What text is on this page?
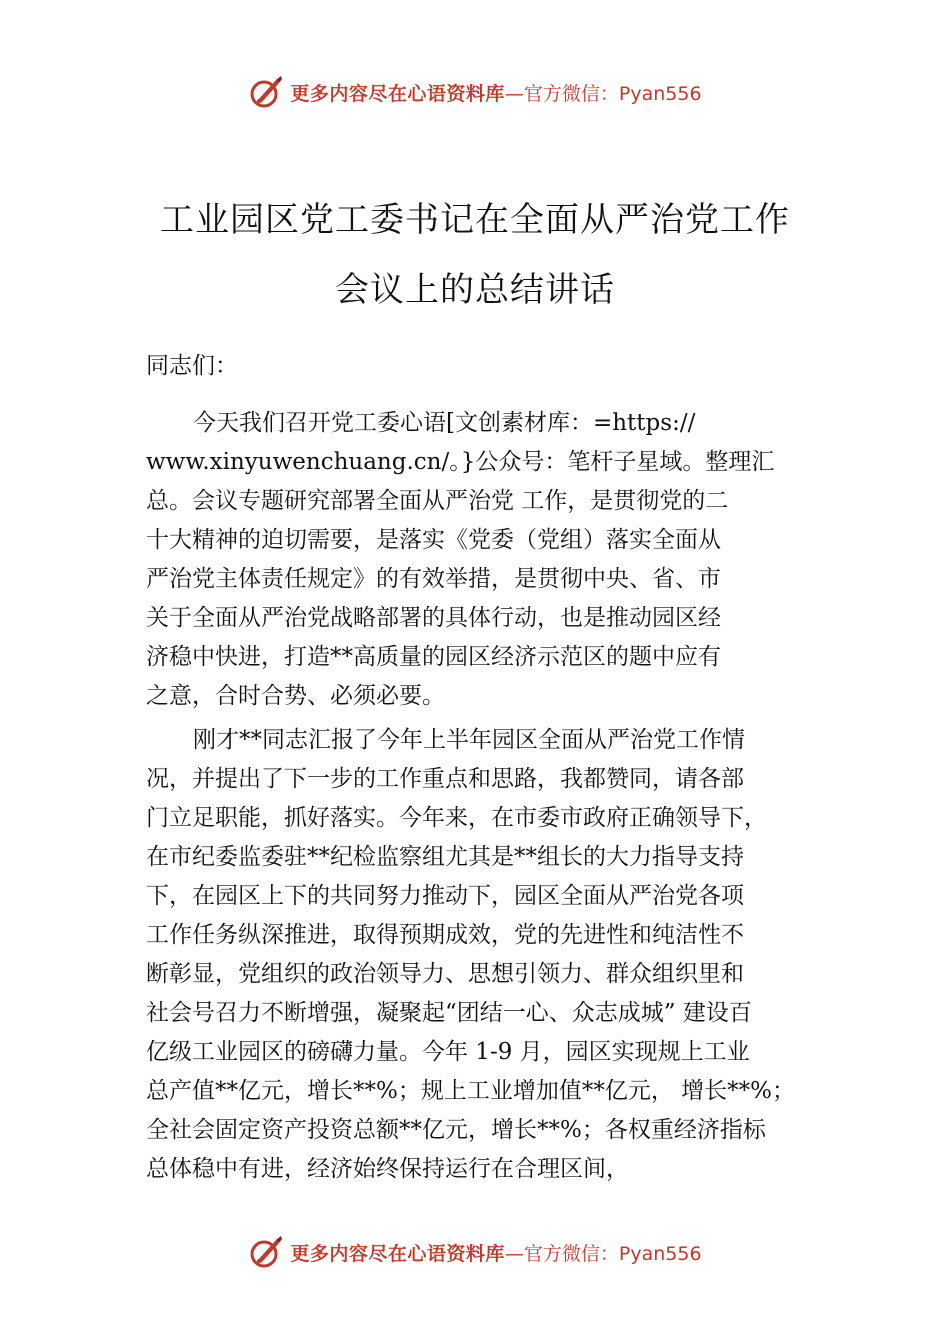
更多内容尽在心语资料库 —官方微信：Pyan556
工业园区党工委书记在全面从严治党工作
会议上的总结讲话
同志们：
今天我们召开党工委心语[文创素材库：=https://
www.xinyuwenchuang.cn/。}公众号：笔杆子星域。整理汇
总。会议专题研究部署全面从严治党 工作，是贯彻党的二
十大精神的迫切需要，是落实《党委（党组）落实全面从
严治党主体责任规定》的有效举措，是贯彻中央、省、市
关于全面从严治党战略部署的具体行动，也是推动园区经
济稳中快进，打造**高质量的园区经济示范区的题中应有
之意，合时合势、必须必要。
刚才**同志汇报了今年上半年园区全面从严治党工作情
况，并提出了下一步的工作重点和思路，我都赞同，请各部
门立足职能，抓好落实。今年来，在市委市政府正确领导下，
在市纪委监委驻**纪检监察组尤其是**组长的大力指导支持
下，在园区上下的共同努力推动下，园区全面从严治党各项
工作任务纵深推进，取得预期成效，党的先进性和纯洁性不
断彰显，党组织的政治领导力、思想引领力、群众组织里和
社会号召力不断增强，凝聚起“团结一心、众志成城” 建设百
亿级工业园区的磅礴力量。今年 1-9 月，园区实现规上工业
总产值**亿元，增长**%；规上工业增加值**亿元， 增长**%；
全社会固定资产投资总额**亿元，增长**%；各权重经济指标
总体稳中有进，经济始终保持运行在合理区间，
更多内容尽在心语资料库 —官方微信：Pyan556
